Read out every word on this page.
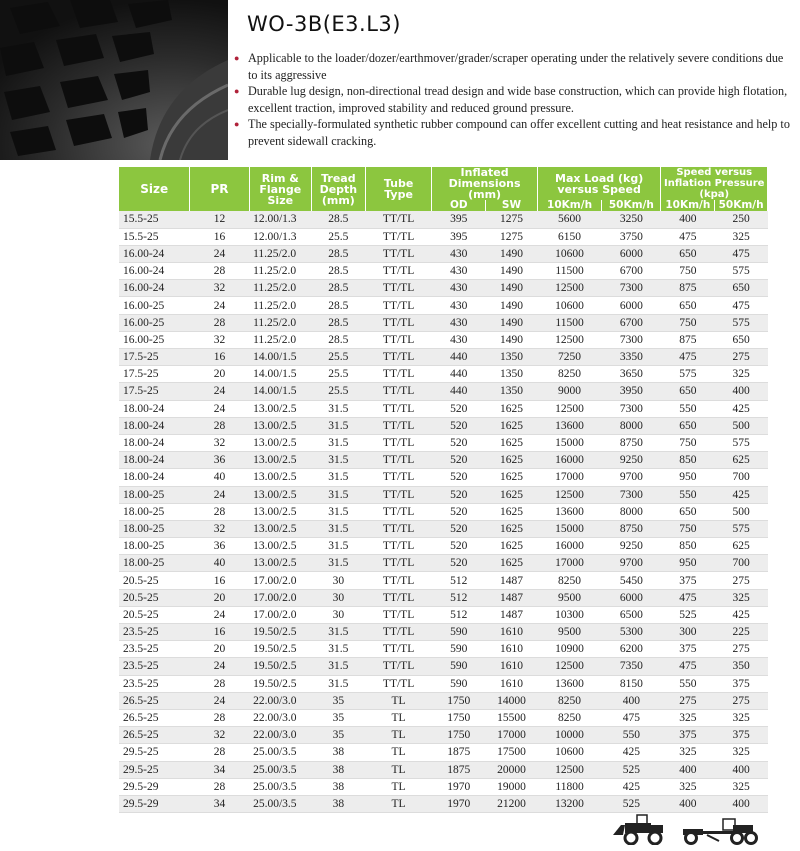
WO-3B(E3.L3)
● Applicable to the loader/dozer/earthmover/grader/scraper operating under the relatively severe conditions due to its aggressive
● Durable lug design, non-directional tread design and wide base construction, which can provide high flotation, excellent traction, improved stability and reduced ground pressure.
● The specially-formulated synthetic rubber compound can offer excellent cutting and heat resistance and help to prevent sidewall cracking.
Size	PR	Rim & Flange Size	Tread Depth (mm)	Tube Type	Inflated Dimensions (mm)		Max Load (kg) versus Speed		Speed versus Inflation Pressure (kpa)	
					OD	SW	10Km/h	50Km/h	10Km/h	50Km/h
15.5-25	12	12.00/1.3	28.5	TT/TL	395	1275	5600	3250	400	250
15.5-25	16	12.00/1.3	25.5	TT/TL	395	1275	6150	3750	475	325
16.00-24	24	11.25/2.0	28.5	TT/TL	430	1490	10600	6000	650	475
16.00-24	28	11.25/2.0	28.5	TT/TL	430	1490	11500	6700	750	575
16.00-24	32	11.25/2.0	28.5	TT/TL	430	1490	12500	7300	875	650
16.00-25	24	11.25/2.0	28.5	TT/TL	430	1490	10600	6000	650	475
16.00-25	28	11.25/2.0	28.5	TT/TL	430	1490	11500	6700	750	575
16.00-25	32	11.25/2.0	28.5	TT/TL	430	1490	12500	7300	875	650
17.5-25	16	14.00/1.5	25.5	TT/TL	440	1350	7250	3350	475	275
17.5-25	20	14.00/1.5	25.5	TT/TL	440	1350	8250	3650	575	325
17.5-25	24	14.00/1.5	25.5	TT/TL	440	1350	9000	3950	650	400
18.00-24	24	13.00/2.5	31.5	TT/TL	520	1625	12500	7300	550	425
18.00-24	28	13.00/2.5	31.5	TT/TL	520	1625	13600	8000	650	500
18.00-24	32	13.00/2.5	31.5	TT/TL	520	1625	15000	8750	750	575
18.00-24	36	13.00/2.5	31.5	TT/TL	520	1625	16000	9250	850	625
18.00-24	40	13.00/2.5	31.5	TT/TL	520	1625	17000	9700	950	700
18.00-25	24	13.00/2.5	31.5	TT/TL	520	1625	12500	7300	550	425
18.00-25	28	13.00/2.5	31.5	TT/TL	520	1625	13600	8000	650	500
18.00-25	32	13.00/2.5	31.5	TT/TL	520	1625	15000	8750	750	575
18.00-25	36	13.00/2.5	31.5	TT/TL	520	1625	16000	9250	850	625
18.00-25	40	13.00/2.5	31.5	TT/TL	520	1625	17000	9700	950	700
20.5-25	16	17.00/2.0	30	TT/TL	512	1487	8250	5450	375	275
20.5-25	20	17.00/2.0	30	TT/TL	512	1487	9500	6000	475	325
20.5-25	24	17.00/2.0	30	TT/TL	512	1487	10300	6500	525	425
23.5-25	16	19.50/2.5	31.5	TT/TL	590	1610	9500	5300	300	225
23.5-25	20	19.50/2.5	31.5	TT/TL	590	1610	10900	6200	375	275
23.5-25	24	19.50/2.5	31.5	TT/TL	590	1610	12500	7350	475	350
23.5-25	28	19.50/2.5	31.5	TT/TL	590	1610	13600	8150	550	375
26.5-25	24	22.00/3.0	35	TL	1750	14000	8250	400	275	275
26.5-25	28	22.00/3.0	35	TL	1750	15500	8250	475	325	325
26.5-25	32	22.00/3.0	35	TL	1750	17000	10000	550	375	375
29.5-25	28	25.00/3.5	38	TL	1875	17500	10600	425	325	325
29.5-25	34	25.00/3.5	38	TL	1875	20000	12500	525	400	400
29.5-29	28	25.00/3.5	38	TL	1970	19000	11800	425	325	325
29.5-29	34	25.00/3.5	38	TL	1970	21200	13200	525	400	400
